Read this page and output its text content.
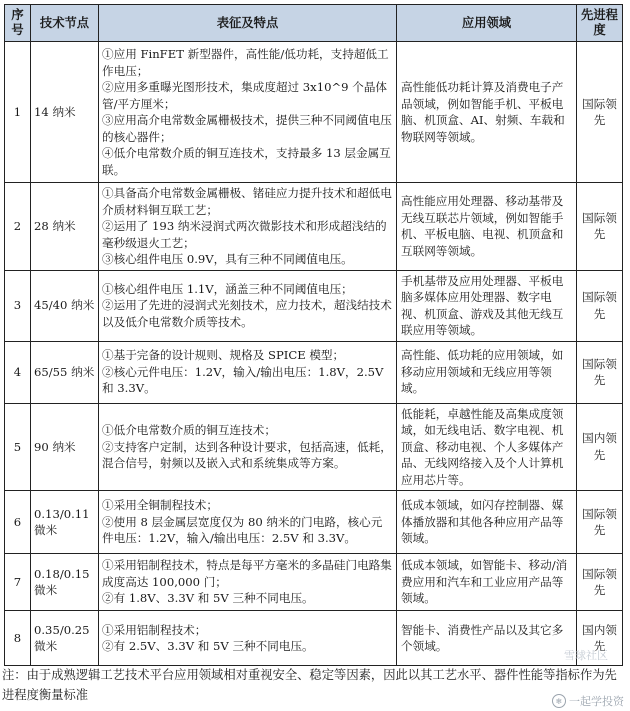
序号	技术节点	表征及特点	应用领域	先进程度
1	14 纳米	①应用 FinFET 新型器件，高性能/低功耗，支持超低工作电压；
②应用多重曝光图形技术，集成度超过 3x10^9 个晶体管/平方厘米；
③应用高介电常数金属栅极技术，提供三种不同阈值电压的核心器件；
④低介电常数介质的铜互连技术，支持最多 13 层金属互联。	高性能低功耗计算及消费电子产品领域，例如智能手机、平板电脑、机顶盒、AI、射频、车载和物联网等领域。	国际领先
2	28 纳米	①具备高介电常数金属栅极、锗硅应力提升技术和超低电介质材料铜互联工艺；
②运用了 193 纳米浸润式两次微影技术和形成超浅结的毫秒级退火工艺；
③核心组件电压 0.9V，具有三种不同阈值电压。	高性能应用处理器、移动基带及无线互联芯片领域，例如智能手机、平板电脑、电视、机顶盒和互联网等领域。	国际领先
3	45/40 纳米	①核心组件电压 1.1V，涵盖三种不同阈值电压；
②运用了先进的浸润式光刻技术，应力技术，超浅结技术以及低介电常数介质等技术。	手机基带及应用处理器、平板电脑多媒体应用处理器、数字电视、机顶盒、游戏及其他无线互联应用等领域。	国际领先
4	65/55 纳米	①基于完备的设计规则、规格及 SPICE 模型；
②核心元件电压：1.2V，输入/输出电压：1.8V，2.5V 和 3.3V。	高性能、低功耗的应用领域，如移动应用领域和无线应用等领域。	国际领先
5	90 纳米	①低介电常数介质的铜互连技术；
②支持客户定制，达到各种设计要求，包括高速，低耗，混合信号，射频以及嵌入式和系统集成等方案。	低能耗，卓越性能及高集成度领域，如无线电话、数字电视、机顶盒、移动电视、个人多媒体产品、无线网络接入及个人计算机应用芯片等。	国内领先
6	0.13/0.11 微米	①采用全铜制程技术；
②使用 8 层金属层宽度仅为 80 纳米的门电路，核心元件电压：1.2V，输入/输出电压：2.5V 和 3.3V。	低成本领域，如闪存控制器、媒体播放器和其他各种应用产品等领域。	国际领先
7	0.18/0.15 微米	①采用铝制程技术，特点是每平方毫米的多晶硅门电路集成度高达 100,000 门；
②有 1.8V、3.3V 和 5V 三种不同电压。	低成本领域，如智能卡、移动/消费应用和汽车和工业应用产品等领域。	国际领先
8	0.35/0.25 微米	①采用铝制程技术；
②有 2.5V、3.3V 和 5V 三种不同电压。	智能卡、消费性产品以及其它多个领域。	国内领先
雪球社区
注：由于成熟逻辑工艺技术平台应用领域相对重视安全、稳定等因素，因此以其工艺水平、器件性能等指标作为先进程度衡量标准	❄ 一起学投资
